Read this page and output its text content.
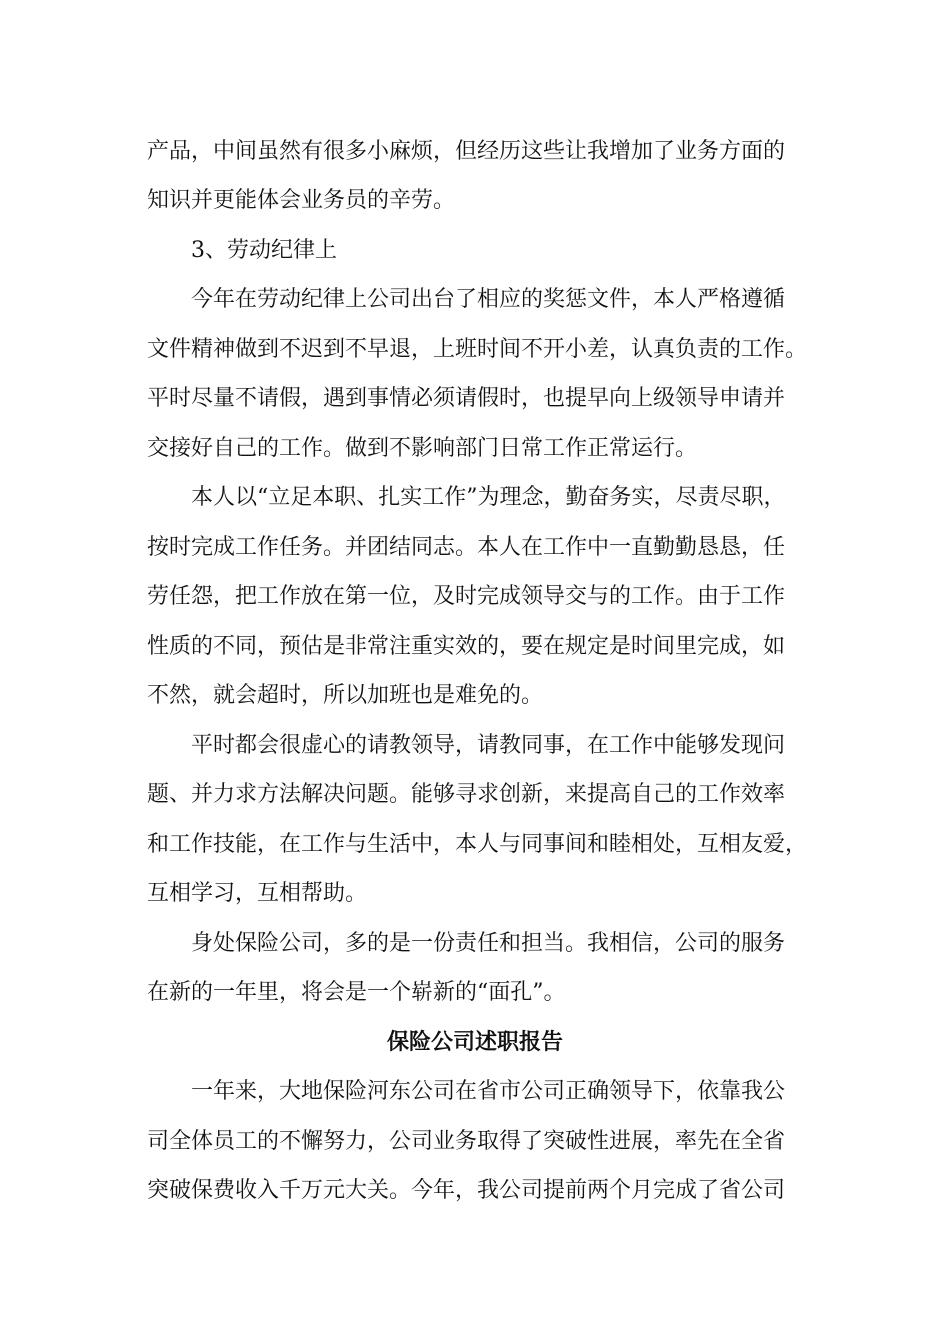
产品，中间虽然有很多小麻烦，但经历这些让我增加了业务方面的
知识并更能体会业务员的辛劳。
3、劳动纪律上
今年在劳动纪律上公司出台了相应的奖惩文件，本人严格遵循
文件精神做到不迟到不早退，上班时间不开小差，认真负责的工作。
平时尽量不请假，遇到事情必须请假时，也提早向上级领导申请并
交接好自己的工作。做到不影响部门日常工作正常运行。
本人以“立足本职、扎实工作”为理念，勤奋务实，尽责尽职，
按时完成工作任务。并团结同志。本人在工作中一直勤勤恳恳，任
劳任怨，把工作放在第一位，及时完成领导交与的工作。由于工作
性质的不同，预估是非常注重实效的，要在规定是时间里完成，如
不然，就会超时，所以加班也是难免的。
平时都会很虚心的请教领导，请教同事，在工作中能够发现问
题、并力求方法解决问题。能够寻求创新，来提高自己的工作效率
和工作技能，在工作与生活中，本人与同事间和睦相处，互相友爱，
互相学习，互相帮助。
身处保险公司，多的是一份责任和担当。我相信，公司的服务
在新的一年里，将会是一个崭新的“面孔”。
保险公司述职报告
一年来，大地保险河东公司在省市公司正确领导下，依靠我公
司全体员工的不懈努力，公司业务取得了突破性进展，率先在全省
突破保费收入千万元大关。今年，我公司提前两个月完成了省公司
